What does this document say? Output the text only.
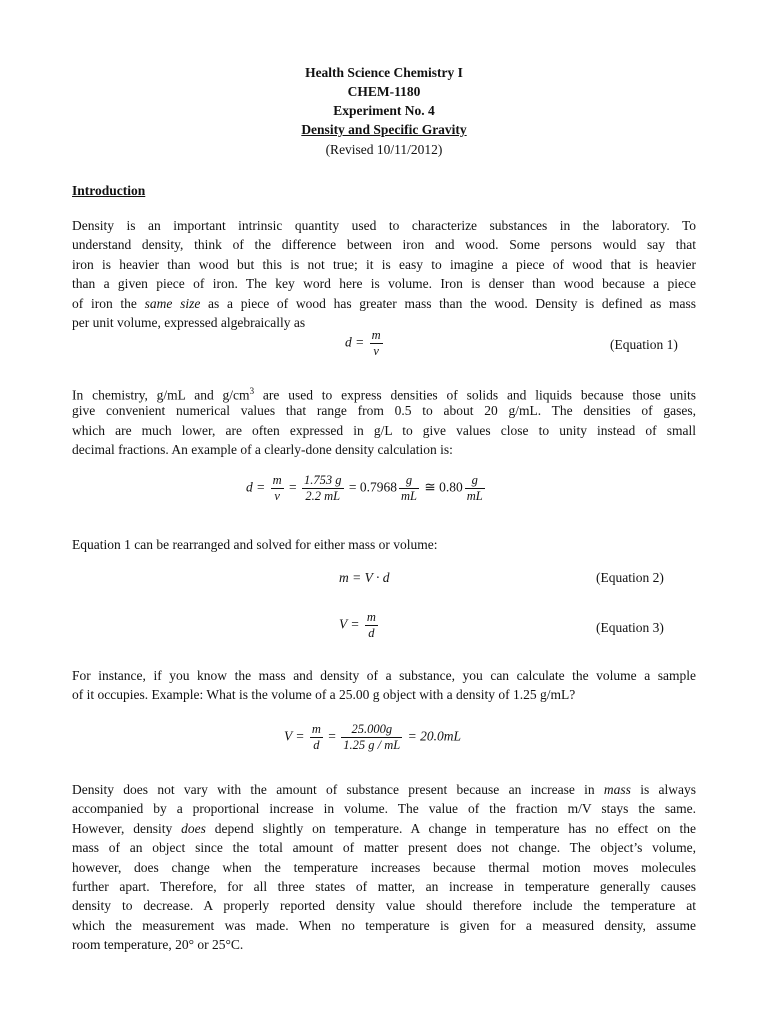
Health Science Chemistry I
CHEM-1180
Experiment No. 4
Density and Specific Gravity
(Revised 10/11/2012)
Introduction
Density is an important intrinsic quantity used to characterize substances in the laboratory. To
understand density, think of the difference between iron and wood. Some persons would say that
iron is heavier than wood but this is not true; it is easy to imagine a piece of wood that is heavier
than a given piece of iron. The key word here is volume. Iron is denser than wood because a piece
of iron the same size as a piece of wood has greater mass than the wood. Density is defined as mass
per unit volume, expressed algebraically as
$d = \frac{m}{v}$	(Equation 1)
In chemistry, g/mL and $g/cm^3$ are used to express densities of solids and liquids because those units
give convenient numerical values that range from 0.5 to about 20 g/mL. The densities of gases,
which are much lower, are often expressed in g/L to give values close to unity instead of small
decimal fractions. An example of a clearly-done density calculation is:
$d = \frac{m}{v} = \frac{1.753 g}{2.2 mL} = 0.7968 \frac{g}{mL}$ ≅ $0.80 \frac{g}{mL}$
Equation 1 can be rearranged and solved for either mass or volume:
m = V · d	(Equation 2)
$V = \frac{m}{d}$	(Equation 3)
For instance, if you know the mass and density of a substance, you can calculate the volume a sample
of it occupies. Example: What is the volume of a 25.00 g object with a density of 1.25 g/mL?
$V = \frac{m}{d} = \frac{25.000g}{1.25 g / mL} = 20.0mL$
Density does not vary with the amount of substance present because an increase in mass is always
accompanied by a proportional increase in volume. The value of the fraction m/V stays the same.
However, density does depend slightly on temperature. A change in temperature has no effect on the
mass of an object since the total amount of matter present does not change. The object’s volume,
however, does change when the temperature increases because thermal motion moves molecules
further apart. Therefore, for all three states of matter, an increase in temperature generally causes
density to decrease. A properly reported density value should therefore include the temperature at
which the measurement was made. When no temperature is given for a measured density, assume
room temperature, 20° or 25°C.
